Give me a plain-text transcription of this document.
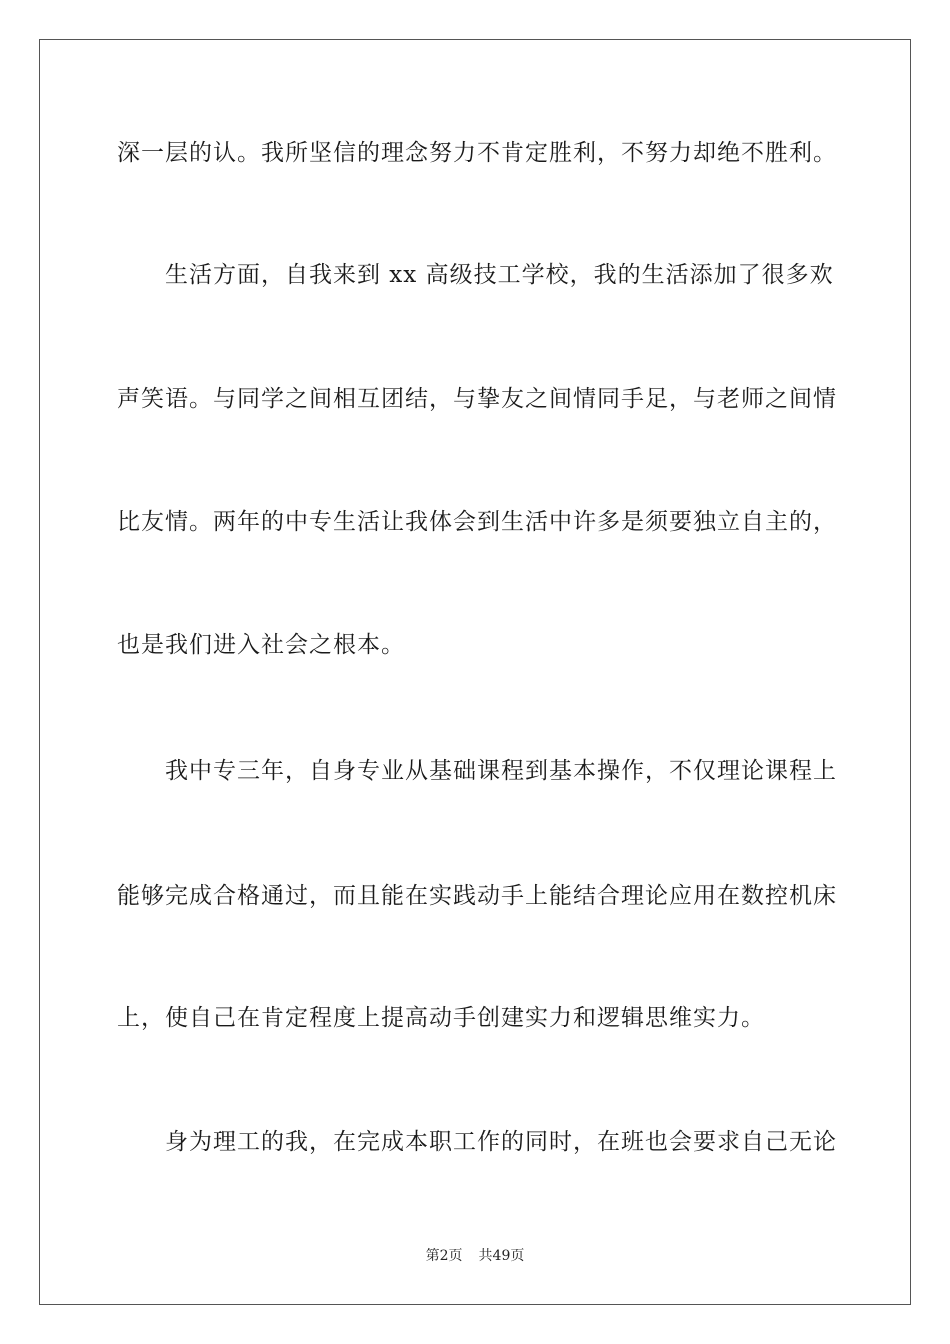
深一层的认。我所坚信的理念努力不肯定胜利，不努力却绝不胜利。
生活方面，自我来到 xx 高级技工学校，我的生活添加了很多欢
声笑语。与同学之间相互团结，与挚友之间情同手足，与老师之间情
比友情。两年的中专生活让我体会到生活中许多是须要独立自主的，
也是我们进入社会之根本。
我中专三年，自身专业从基础课程到基本操作，不仅理论课程上
能够完成合格通过，而且能在实践动手上能结合理论应用在数控机床
上，使自己在肯定程度上提高动手创建实力和逻辑思维实力。
身为理工的我，在完成本职工作的同时，在班也会要求自己无论
第2页 共49页
